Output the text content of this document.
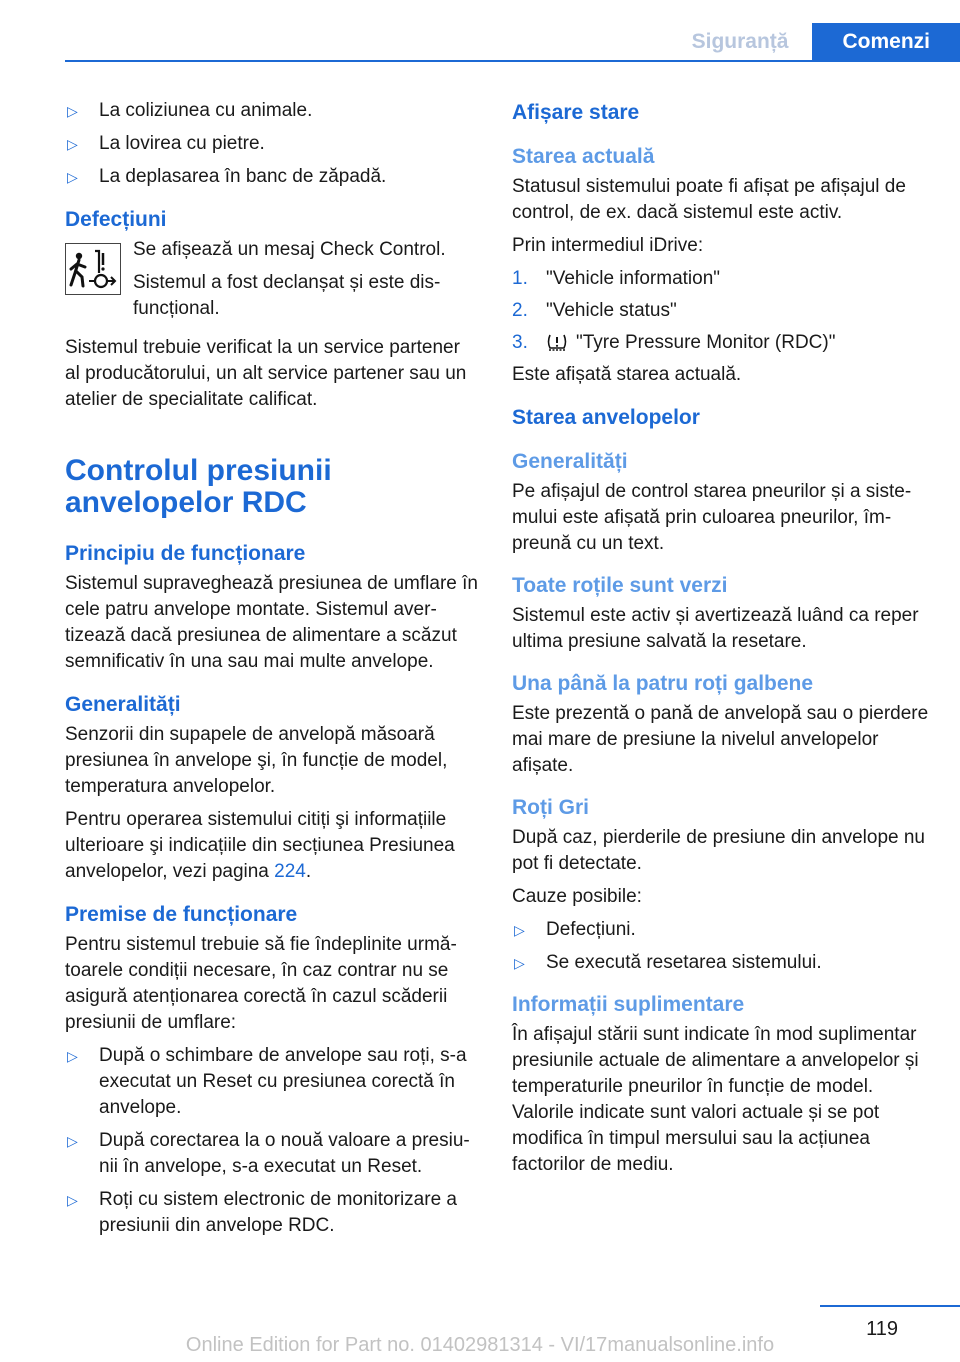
Siguranță	Comenzi
▷ La coliziunea cu animale.
▷ La lovirea cu pietre.
▷ La deplasarea în banc de zăpadă.
Defecțiuni

Se afișează un mesaj Check Control.

Sistemul a fost declanșat și este disfuncțional.

Sistemul trebuie verificat la un service partener al producătorului, un alt service partener sau un atelier de specialitate calificat.

Controlul presiunii anvelopelor RDC
Principiu de funcționare

Sistemul supraveghează presiunea de umflare în cele patru anvelope montate. Sistemul avertizează dacă presiunea de alimentare a scăzut semnificativ în una sau mai multe anvelope.

Generalități

Senzorii din supapele de anvelopă măsoară presiunea în anvelope şi, în funcție de model, temperatura anvelopelor.

Pentru operarea sistemului citiți şi informațiile ulterioare şi indicațiile din secțiunea Presiunea anvelopelor, vezi pagina 224.

Premise de funcționare

Pentru sistemul trebuie să fie îndeplinite următoarele condiții necesare, în caz contrar nu se asigură atenționarea corectă în cazul scăderii presiunii de umflare:

▷ După o schimbare de anvelope sau roți, s-a executat un Reset cu presiunea corectă în anvelope.
▷ După corectarea la o nouă valoare a presiunii în anvelope, s-a executat un Reset.
▷ Roți cu sistem electronic de monitorizare a presiunii din anvelope RDC.
Afișare stare
Starea actuală

Statusul sistemului poate fi afișat pe afișajul de control, de ex. dacă sistemul este activ.

Prin intermediul iDrive:

1. "Vehicle information"
2. "Vehicle status"
3.	"Tyre Pressure Monitor (RDC)"

Este afișată starea actuală.

Starea anvelopelor
Generalități

Pe afișajul de control starea pneurilor și a sistemului este afișată prin culoarea pneurilor, împreună cu un text.

Toate roțile sunt verzi

Sistemul este activ și avertizează luând ca reper ultima presiune salvată la resetare.

Una până la patru roți galbene

Este prezentă o pană de anvelopă sau o pierdere mai mare de presiune la nivelul anvelopelor afișate.

Roți Gri

După caz, pierderile de presiune din anvelope nu pot fi detectate.

Cauze posibile:

▷ Defecțiuni.
▷ Se execută resetarea sistemului.
Informații suplimentare

În afișajul stării sunt indicate în mod suplimentar presiunile actuale de alimentare a anvelopelor și temperaturile pneurilor în funcție de model. Valorile indicate sunt valori actuale și se pot modifica în timpul mersului sau la acțiunea factorilor de mediu.

119
Online Edition for Part no. 01402981314 - VI/17manualsonline.info
